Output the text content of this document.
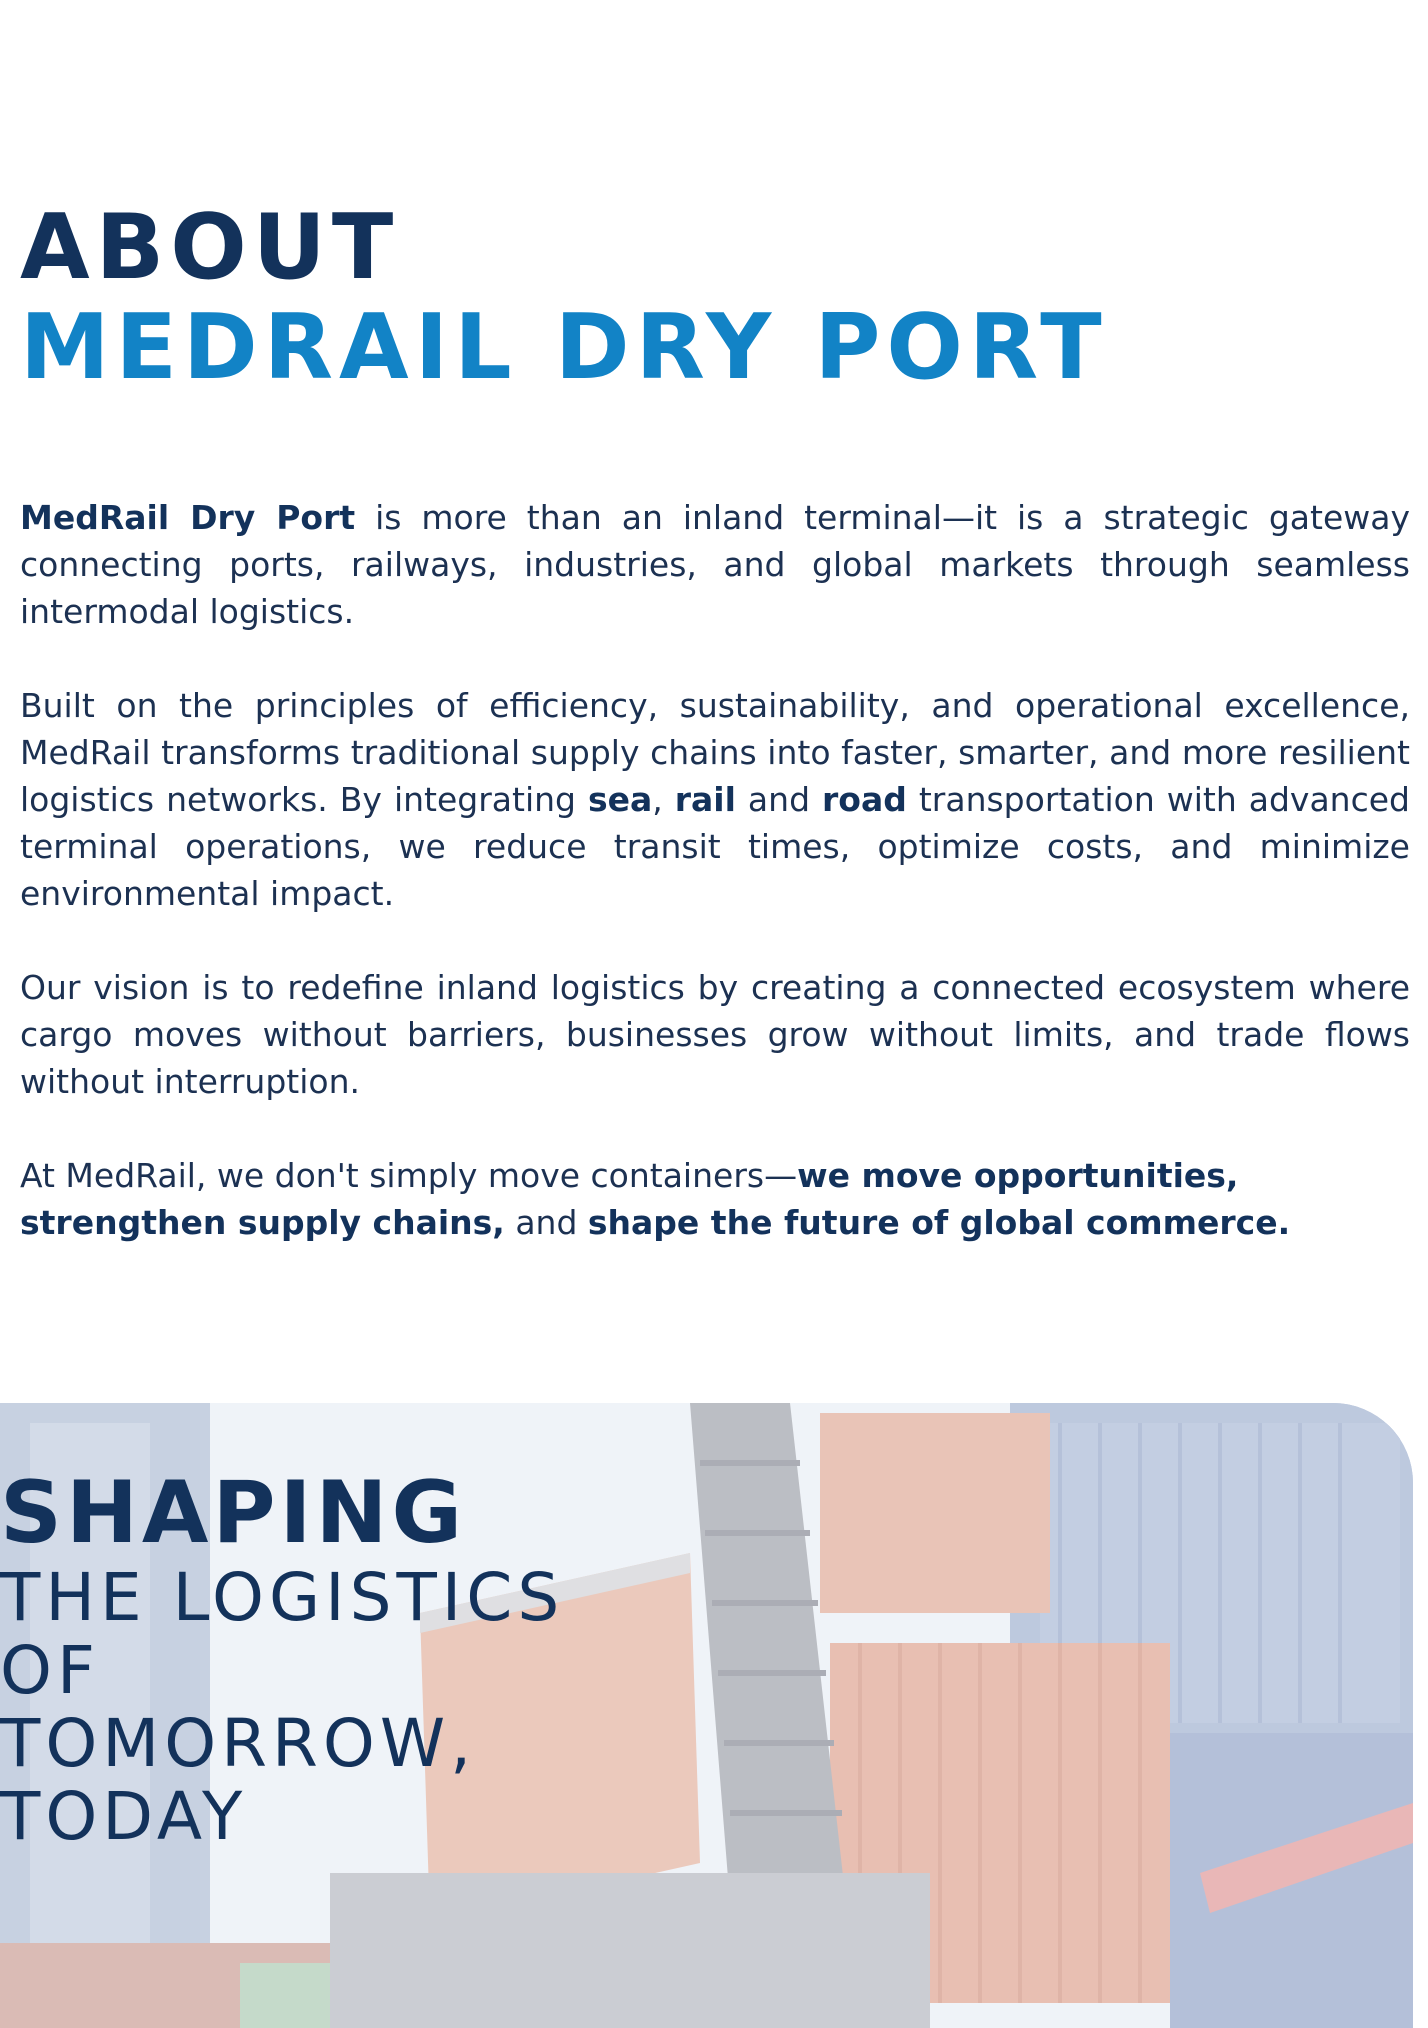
ABOUT
MEDRAIL DRY PORT

MedRail Dry Port is more than an inland terminal—it is a strategic gateway connecting ports, railways, industries, and global markets through seamless intermodal logistics.

Built on the principles of efficiency, sustainability, and operational excellence, MedRail transforms traditional supply chains into faster, smarter, and more resilient logistics networks. By integrating sea, rail and road transportation with advanced terminal operations, we reduce transit times, optimize costs, and minimize environmental impact.

Our vision is to redefine inland logistics by creating a connected ecosystem where cargo moves without barriers, businesses grow without limits, and trade flows without interruption.

At MedRail, we don't simply move containers—we move opportunities,
strengthen supply chains, and shape the future of global commerce.

SHAPING
THE LOGISTICS
OF
TOMORROW,
TODAY
